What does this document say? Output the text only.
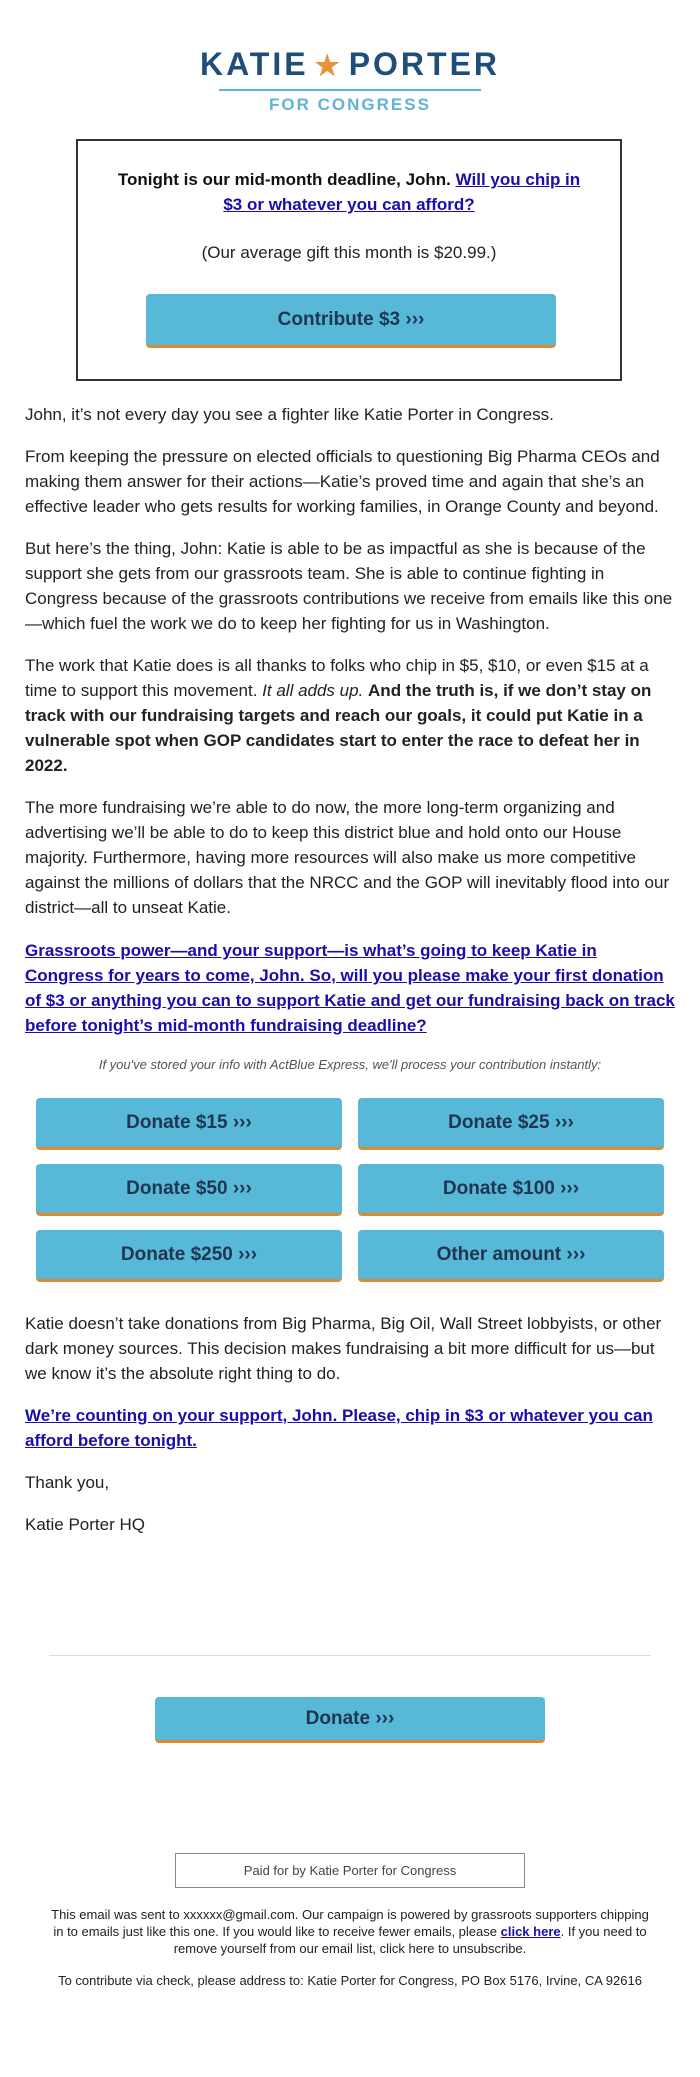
KATIE ★ PORTER
FOR CONGRESS
Tonight is our mid-month deadline, John. Will you chip in $3 or whatever you can afford?
(Our average gift this month is $20.99.)
Contribute $3 ›››

John, it’s not every day you see a fighter like Katie Porter in Congress.

From keeping the pressure on elected officials to questioning Big Pharma CEOs and making them answer for their actions—Katie’s proved time and again that she’s an effective leader who gets results for working families, in Orange County and beyond.

But here’s the thing, John: Katie is able to be as impactful as she is because of the support she gets from our grassroots team. She is able to continue fighting in Congress because of the grassroots contributions we receive from emails like this one—which fuel the work we do to keep her fighting for us in Washington.

The work that Katie does is all thanks to folks who chip in $5, $10, or even $15 at a time to support this movement. It all adds up. And the truth is, if we don’t stay on track with our fundraising targets and reach our goals, it could put Katie in a vulnerable spot when GOP candidates start to enter the race to defeat her in 2022.

The more fundraising we’re able to do now, the more long-term organizing and advertising we’ll be able to do to keep this district blue and hold onto our House majority. Furthermore, having more resources will also make us more competitive against the millions of dollars that the NRCC and the GOP will inevitably flood into our district—all to unseat Katie.

Grassroots power—and your support—is what’s going to keep Katie in Congress for years to come, John. So, will you please make your first donation of $3 or anything you can to support Katie and get our fundraising back on track before tonight’s mid-month fundraising deadline?

If you've stored your info with ActBlue Express, we'll process your contribution instantly:
Donate $15 ›››	Donate $25 ›››
Donate $50 ›››	Donate $100 ›››
Donate $250 ›››	Other amount ›››

Katie doesn’t take donations from Big Pharma, Big Oil, Wall Street lobbyists, or other dark money sources. This decision makes fundraising a bit more difficult for us—but we know it’s the absolute right thing to do.

We’re counting on your support, John. Please, chip in $3 or whatever you can afford before tonight.

Thank you,

Katie Porter HQ

Donate ›››
Paid for by Katie Porter for Congress
This email was sent to xxxxxx@gmail.com. Our campaign is powered by grassroots supporters chipping in to emails just like this one. If you would like to receive fewer emails, please click here. If you need to remove yourself from our email list, click here to unsubscribe.
To contribute via check, please address to: Katie Porter for Congress, PO Box 5176, Irvine, CA 92616
